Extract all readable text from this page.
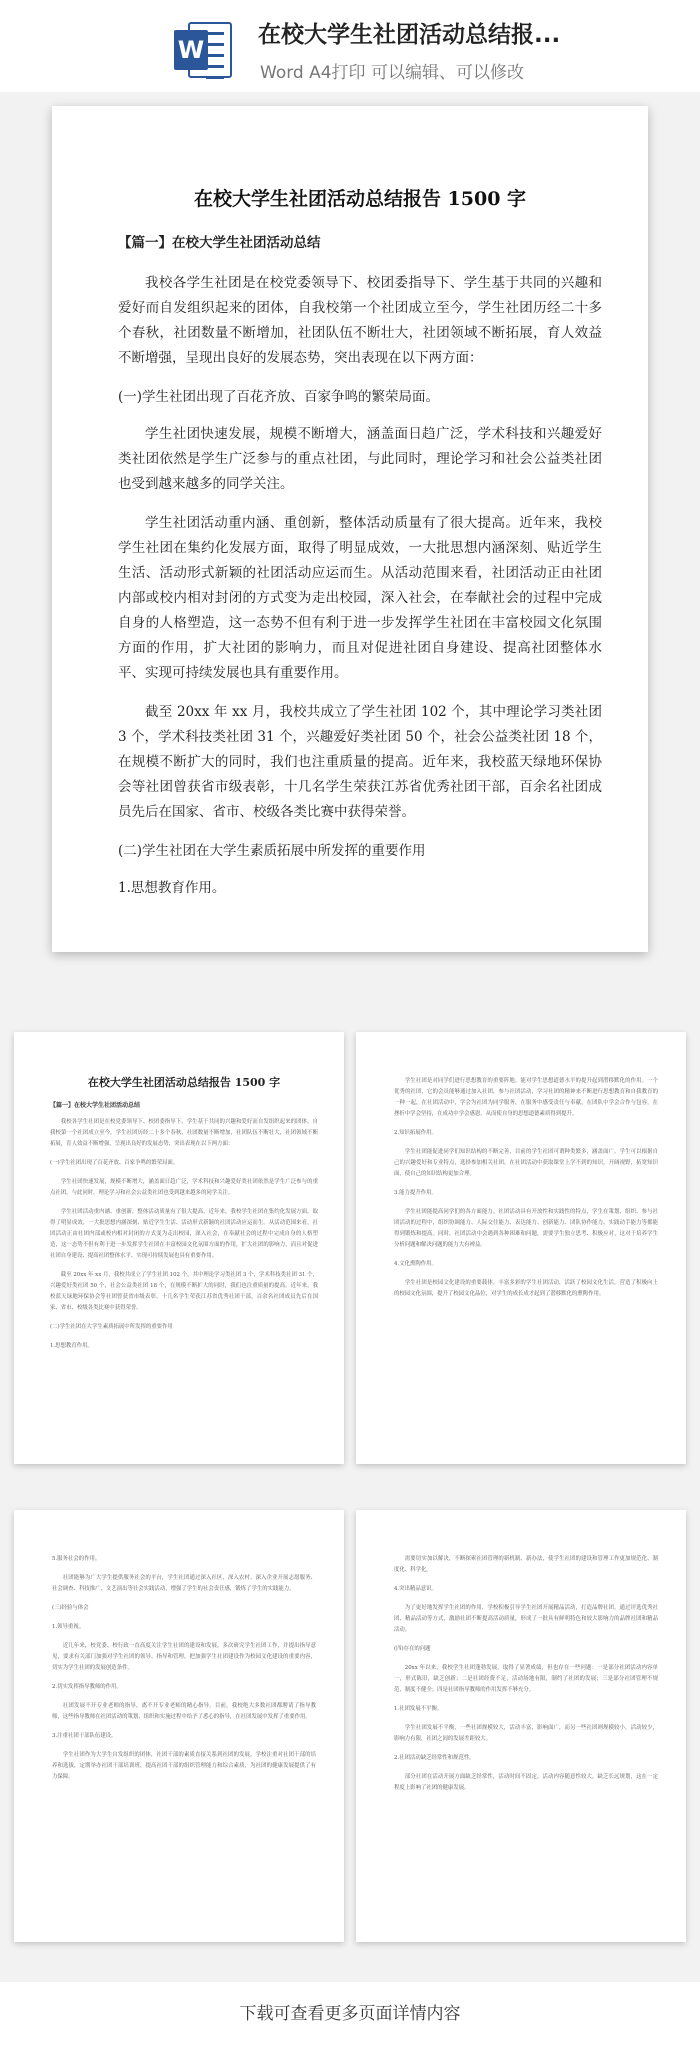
W
在校大学生社团活动总结报...
Word A4打印 可以编辑、可以修改
在校大学生社团活动总结报告 1500 字
【篇一】在校大学生社团活动总结

我校各学生社团是在校党委领导下、校团委指导下、学生基于共同的兴趣和爱好而自发组织起来的团体，自我校第一个社团成立至今，学生社团历经二十多个春秋，社团数量不断增加，社团队伍不断壮大，社团领域不断拓展，育人效益不断增强，呈现出良好的发展态势，突出表现在以下两方面：

(一)学生社团出现了百花齐放、百家争鸣的繁荣局面。

学生社团快速发展，规模不断增大，涵盖面日趋广泛，学术科技和兴趣爱好类社团依然是学生广泛参与的重点社团，与此同时，理论学习和社会公益类社团也受到越来越多的同学关注。

学生社团活动重内涵、重创新，整体活动质量有了很大提高。近年来，我校学生社团在集约化发展方面，取得了明显成效，一大批思想内涵深刻、贴近学生生活、活动形式新颖的社团活动应运而生。从活动范围来看，社团活动正由社团内部或校内相对封闭的方式变为走出校园，深入社会，在奉献社会的过程中完成自身的人格塑造，这一态势不但有利于进一步发挥学生社团在丰富校园文化氛围方面的作用，扩大社团的影响力，而且对促进社团自身建设、提高社团整体水平、实现可持续发展也具有重要作用。

截至 20xx 年 xx 月，我校共成立了学生社团 102 个，其中理论学习类社团 3 个，学术科技类社团 31 个，兴趣爱好类社团 50 个，社会公益类社团 18 个，在规模不断扩大的同时，我们也注重质量的提高。近年来，我校蓝天绿地环保协会等社团曾获省市级表彰，十几名学生荣获江苏省优秀社团干部，百余名社团成员先后在国家、省市、校级各类比赛中获得荣誉。

(二)学生社团在大学生素质拓展中所发挥的重要作用

1.思想教育作用。

在校大学生社团活动总结报告 1500 字
【篇一】在校大学生社团活动总结

我校各学生社团是在校党委领导下、校团委指导下、学生基于共同的兴趣和爱好而自发组织起来的团体，自我校第一个社团成立至今，学生社团历经二十多个春秋，社团数量不断增加，社团队伍不断壮大，社团领域不断拓展，育人效益不断增强，呈现出良好的发展态势，突出表现在以下两方面：

(一)学生社团出现了百花齐放、百家争鸣的繁荣局面。

学生社团快速发展，规模不断增大，涵盖面日趋广泛，学术科技和兴趣爱好类社团依然是学生广泛参与的重点社团，与此同时，理论学习和社会公益类社团也受到越来越多的同学关注。

学生社团活动重内涵、重创新，整体活动质量有了很大提高。近年来，我校学生社团在集约化发展方面，取得了明显成效，一大批思想内涵深刻、贴近学生生活、活动形式新颖的社团活动应运而生。从活动范围来看，社团活动正由社团内部或校内相对封闭的方式变为走出校园，深入社会，在奉献社会的过程中完成自身的人格塑造，这一态势不但有利于进一步发挥学生社团在丰富校园文化氛围方面的作用，扩大社团的影响力，而且对促进社团自身建设、提高社团整体水平、实现可持续发展也具有重要作用。

截至 20xx 年 xx 月，我校共成立了学生社团 102 个，其中理论学习类社团 3 个，学术科技类社团 31 个，兴趣爱好类社团 50 个，社会公益类社团 18 个，在规模不断扩大的同时，我们也注重质量的提高。近年来，我校蓝天绿地环保协会等社团曾获省市级表彰，十几名学生荣获江苏省优秀社团干部，百余名社团成员先后在国家、省市、校级各类比赛中获得荣誉。

(二)学生社团在大学生素质拓展中所发挥的重要作用

1.思想教育作用。

学生社团是对同学们进行思想教育的重要阵地。能对学生思想道德水平的提升起到潜移默化的作用。一个优秀的社团，它的会员能够通过加入社团，参与社团活动，学习社团的精神来不断进行思想教育和自我教育的一种一起，在社团活动中，学会为社团为同学服务，在服务中感受责任与奉献，在团队中学会合作与包容，在挫折中学会坚持，在成功中学会感恩，从而使自身的思想道德素质得到提升。

2.知识拓展作用。

学生社团能促进同学们知识结构的不断完善，目前的学生社团可谓种类繁多，涵盖面广。学生可以根据自己的兴趣爱好和专业特点，选择参加相关社团，在社团活动中获取课堂上学不到的知识，开阔视野，拓宽知识面，使自己的知识结构更加合理。

3.能力提升作用。

学生社团能提高同学们的各方面能力。社团活动具有开放性和实践性的特点，学生在策划、组织、参与社团活动的过程中，组织协调能力、人际交往能力、表达能力、创新能力、团队协作能力、实践动手能力等都能得到锻炼和提高。同时，社团活动中会遇到各种困难和问题，需要学生独立思考、积极应对，这对于培养学生分析问题和解决问题的能力大有裨益。

4.文化熏陶作用。

学生社团是校园文化建设的重要载体。丰富多彩的学生社团活动，活跃了校园文化生活，营造了积极向上的校园文化氛围，提升了校园文化品位，对学生的成长成才起到了潜移默化的熏陶作用。

5.服务社会的作用。

社团能够为广大学生提供服务社会的平台，学生社团通过深入社区、深入农村、深入企业开展志愿服务、社会调查、科技推广、文艺演出等社会实践活动，增强了学生的社会责任感，锻炼了学生的实践能力。

(三)经验与体会

1.领导重视。

近几年来，校党委、校行政一直高度关注学生社团的建设和发展，多次研究学生社团工作，并提出指导意见，要求有关部门加强对学生社团的领导、指导和管理，把加强学生社团建设作为校园文化建设的重要内容，切实为学生社团的发展创造条件。

2.切实发挥指导教师的作用。

社团发展不开专业老师的指导，离不开专业老师的精心指导。目前，我校绝大多数社团都聘请了指导教师，这些指导教师在社团活动的策划、组织和实施过程中给予了悉心的指导，在社团发展中发挥了重要作用。

3.注重社团干部队伍建设。

学生社团作为大学生自发组织的团体，社团干部的素质直接关系到社团的发展。学校注重对社团干部的培养和选拔，定期举办社团干部培训班，提高社团干部的组织管理能力和综合素质，为社团的健康发展提供了有力保障。

需要切实加以解决，不断探索社团管理的新机制、新办法，使学生社团的建设和管理工作更加规范化、制度化、科学化。

4.突出精品意识。

为了更好地发挥学生社团的作用，学校积极引导学生社团开展精品活动，打造品牌社团。通过评选优秀社团、精品活动等方式，激励社团不断提高活动质量，形成了一批具有鲜明特色和较大影响力的品牌社团和精品活动。

(四)存在的问题

20xx 年以来，我校学生社团蓬勃发展，取得了显著成绩，但也存在一些问题：一是部分社团活动内容单一，形式陈旧，缺乏创新；二是社团经费不足，活动场地有限，制约了社团的发展；三是部分社团管理不规范，制度不健全；四是社团指导教师的作用发挥不够充分。

1.社团发展不平衡。

学生社团发展不平衡，一些社团规模较大，活动丰富，影响面广，而另一些社团则规模较小，活动较少，影响力有限，社团之间的发展差距较大。

2.社团活动缺乏经常性和规范性。

部分社团在活动开展方面缺乏经常性，活动时间不固定，活动内容随意性较大，缺乏长远规划，这在一定程度上影响了社团的健康发展。

下载可查看更多页面详情内容
